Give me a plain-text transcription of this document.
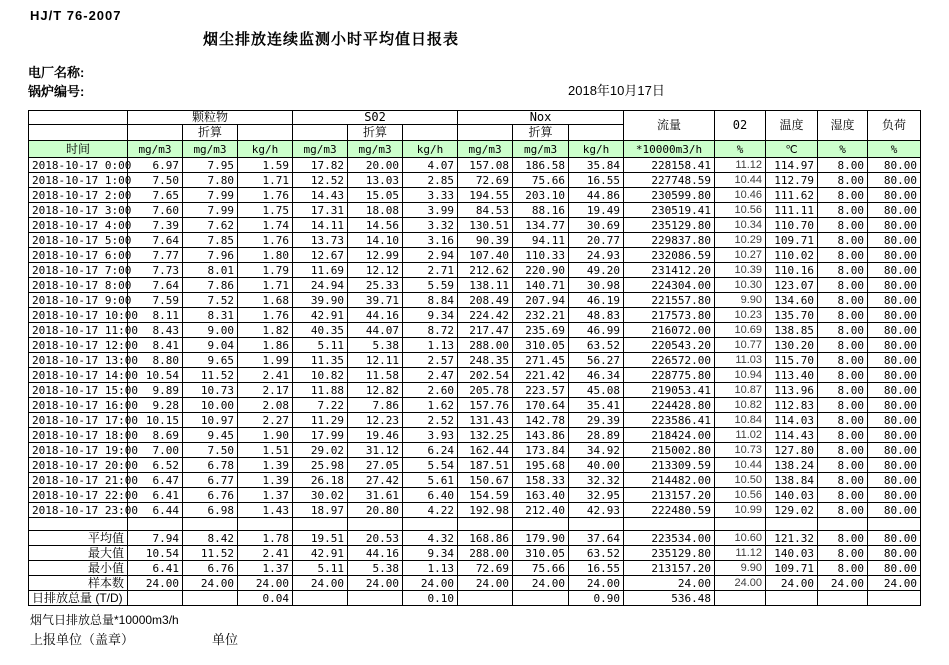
HJ/T 76-2007
烟尘排放连续监测小时平均值日报表
电厂名称:
锅炉编号:	2018年10月17日
	颗粒物			S02			Nox			流量	02	温度	湿度	负荷
		折算			折算			折算						
时间	mg/m3	mg/m3	kg/h	mg/m3	mg/m3	kg/h	mg/m3	mg/m3	kg/h	*10000m3/h	%	℃	%	%
2018-10-17 0:00	6.97	7.95	1.59	17.82	20.00	4.07	157.08	186.58	35.84	228158.41	11.12	114.97	8.00	80.00
2018-10-17 1:00	7.50	7.80	1.71	12.52	13.03	2.85	72.69	75.66	16.55	227748.59	10.44	112.79	8.00	80.00
2018-10-17 2:00	7.65	7.99	1.76	14.43	15.05	3.33	194.55	203.10	44.86	230599.80	10.46	111.62	8.00	80.00
2018-10-17 3:00	7.60	7.99	1.75	17.31	18.08	3.99	84.53	88.16	19.49	230519.41	10.56	111.11	8.00	80.00
2018-10-17 4:00	7.39	7.62	1.74	14.11	14.56	3.32	130.51	134.77	30.69	235129.80	10.34	110.70	8.00	80.00
2018-10-17 5:00	7.64	7.85	1.76	13.73	14.10	3.16	90.39	94.11	20.77	229837.80	10.29	109.71	8.00	80.00
2018-10-17 6:00	7.77	7.96	1.80	12.67	12.99	2.94	107.40	110.33	24.93	232086.59	10.27	110.02	8.00	80.00
2018-10-17 7:00	7.73	8.01	1.79	11.69	12.12	2.71	212.62	220.90	49.20	231412.20	10.39	110.16	8.00	80.00
2018-10-17 8:00	7.64	7.86	1.71	24.94	25.33	5.59	138.11	140.71	30.98	224304.00	10.30	123.07	8.00	80.00
2018-10-17 9:00	7.59	7.52	1.68	39.90	39.71	8.84	208.49	207.94	46.19	221557.80	9.90	134.60	8.00	80.00
2018-10-17 10:00	8.11	8.31	1.76	42.91	44.16	9.34	224.42	232.21	48.83	217573.80	10.23	135.70	8.00	80.00
2018-10-17 11:00	8.43	9.00	1.82	40.35	44.07	8.72	217.47	235.69	46.99	216072.00	10.69	138.85	8.00	80.00
2018-10-17 12:00	8.41	9.04	1.86	5.11	5.38	1.13	288.00	310.05	63.52	220543.20	10.77	130.20	8.00	80.00
2018-10-17 13:00	8.80	9.65	1.99	11.35	12.11	2.57	248.35	271.45	56.27	226572.00	11.03	115.70	8.00	80.00
2018-10-17 14:00	10.54	11.52	2.41	10.82	11.58	2.47	202.54	221.42	46.34	228775.80	10.94	113.40	8.00	80.00
2018-10-17 15:00	9.89	10.73	2.17	11.88	12.82	2.60	205.78	223.57	45.08	219053.41	10.87	113.96	8.00	80.00
2018-10-17 16:00	9.28	10.00	2.08	7.22	7.86	1.62	157.76	170.64	35.41	224428.80	10.82	112.83	8.00	80.00
2018-10-17 17:00	10.15	10.97	2.27	11.29	12.23	2.52	131.43	142.78	29.39	223586.41	10.84	114.03	8.00	80.00
2018-10-17 18:00	8.69	9.45	1.90	17.99	19.46	3.93	132.25	143.86	28.89	218424.00	11.02	114.43	8.00	80.00
2018-10-17 19:00	7.00	7.50	1.51	29.02	31.12	6.24	162.44	173.84	34.92	215002.80	10.73	127.80	8.00	80.00
2018-10-17 20:00	6.52	6.78	1.39	25.98	27.05	5.54	187.51	195.68	40.00	213309.59	10.44	138.24	8.00	80.00
2018-10-17 21:00	6.47	6.77	1.39	26.18	27.42	5.61	150.67	158.33	32.32	214482.00	10.50	138.84	8.00	80.00
2018-10-17 22:00	6.41	6.76	1.37	30.02	31.61	6.40	154.59	163.40	32.95	213157.20	10.56	140.03	8.00	80.00
2018-10-17 23:00	6.44	6.98	1.43	18.97	20.80	4.22	192.98	212.40	42.93	222480.59	10.99	129.02	8.00	80.00

平均值	7.94	8.42	1.78	19.51	20.53	4.32	168.86	179.90	37.64	223534.00	10.60	121.32	8.00	80.00
最大值	10.54	11.52	2.41	42.91	44.16	9.34	288.00	310.05	63.52	235129.80	11.12	140.03	8.00	80.00
最小值	6.41	6.76	1.37	5.11	5.38	1.13	72.69	75.66	16.55	213157.20	9.90	109.71	8.00	80.00
样本数	24.00	24.00	24.00	24.00	24.00	24.00	24.00	24.00	24.00	24.00	24.00	24.00	24.00	24.00
日排放总量 (T/D)			0.04			0.10			0.90	536.48				
烟气日排放总量*10000m3/h
上报单位（盖章）	单位
